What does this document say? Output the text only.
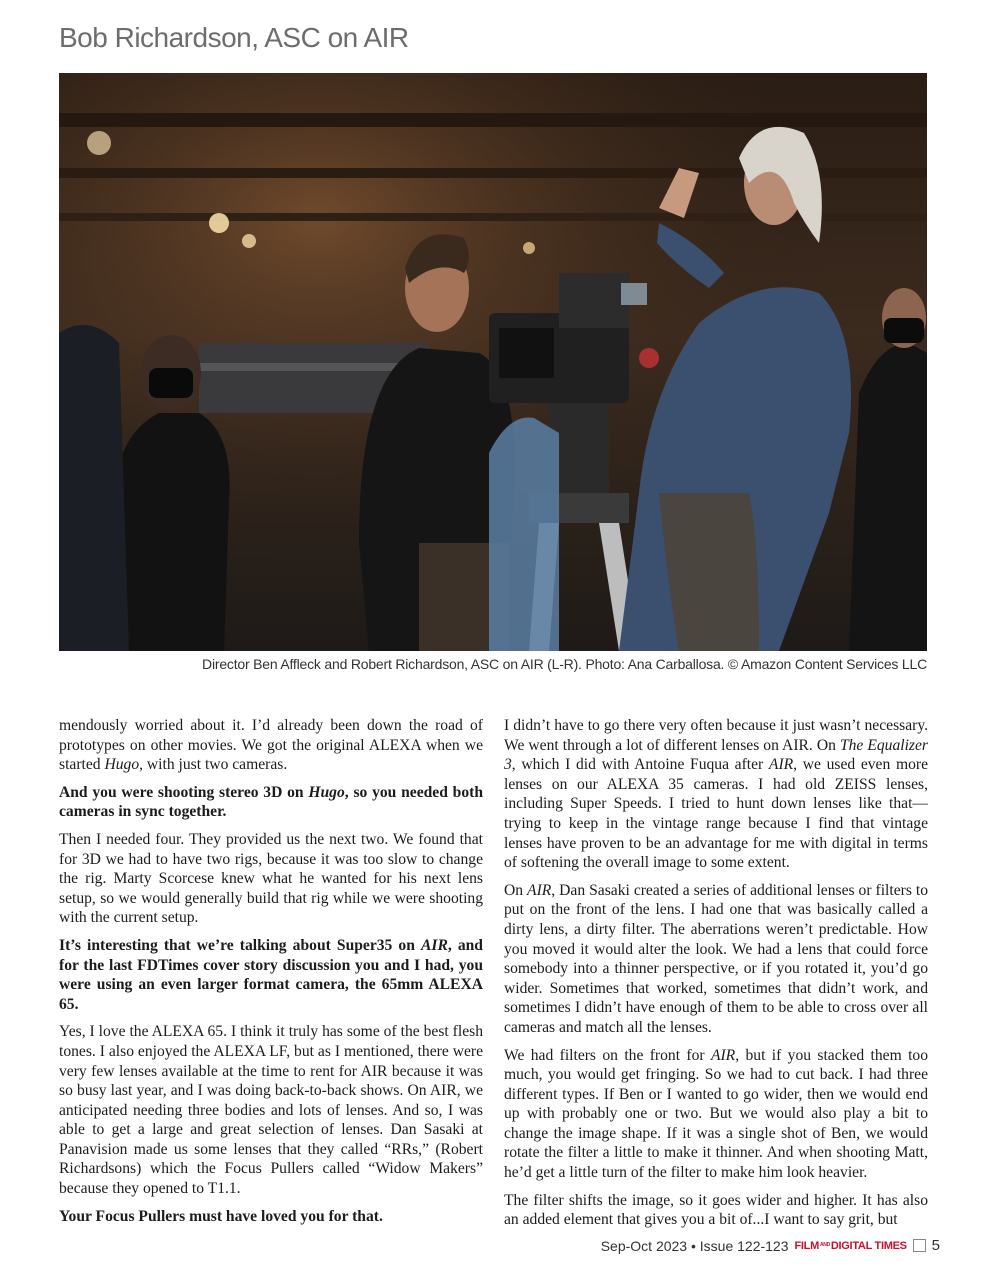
Bob Richardson, ASC on AIR
Director Ben Affleck and Robert Richardson, ASC on AIR (L-R). Photo: Ana Carballosa. © Amazon Content Services LLC

mendously worried about it. I’d already been down the road of prototypes on other movies. We got the original ALEXA when we started Hugo, with just two cameras.

And you were shooting stereo 3D on Hugo, so you needed both cameras in sync together.

Then I needed four. They provided us the next two. We found that for 3D we had to have two rigs, because it was too slow to change the rig. Marty Scorcese knew what he wanted for his next lens setup, so we would generally build that rig while we were shooting with the current setup.

It’s interesting that we’re talking about Super35 on AIR, and for the last FDTimes cover story discussion you and I had, you were using an even larger format camera, the 65mm ALEXA 65.

Yes, I love the ALEXA 65. I think it truly has some of the best flesh tones. I also enjoyed the ALEXA LF, but as I mentioned, there were very few lenses available at the time to rent for AIR because it was so busy last year, and I was doing back-to-back shows. On AIR, we anticipated needing three bodies and lots of lenses. And so, I was able to get a large and great selection of lenses. Dan Sasaki at Panavision made us some lenses that they called “RRs,” (Robert Richardsons) which the Focus Pullers called “Widow Makers” because they opened to T1.1.

Your Focus Pullers must have loved you for that.

I didn’t have to go there very often because it just wasn’t necessary. We went through a lot of different lenses on AIR. On The Equalizer 3, which I did with Antoine Fuqua after AIR, we used even more lenses on our ALEXA 35 cameras. I had old ZEISS lenses, including Super Speeds. I tried to hunt down lenses like that—trying to keep in the vintage range because I find that vintage lenses have proven to be an advantage for me with digital in terms of softening the overall image to some extent.

On AIR, Dan Sasaki created a series of additional lenses or filters to put on the front of the lens. I had one that was basically called a dirty lens, a dirty filter. The aberrations weren’t predictable. How you moved it would alter the look. We had a lens that could force somebody into a thinner perspective, or if you rotated it, you’d go wider. Sometimes that worked, sometimes that didn’t work, and sometimes I didn’t have enough of them to be able to cross over all cameras and match all the lenses.

We had filters on the front for AIR, but if you stacked them too much, you would get fringing. So we had to cut back. I had three different types. If Ben or I wanted to go wider, then we would end up with probably one or two. But we would also play a bit to change the image shape. If it was a single shot of Ben, we would rotate the filter a little to make it thinner. And when shooting Matt, he’d get a little turn of the filter to make him look heavier.

The filter shifts the image, so it goes wider and higher. It has also an added element that gives you a bit of...I want to say grit, but

Sep-Oct 2023 • Issue 122-123 FILM AND DIGITAL TIMES 5
